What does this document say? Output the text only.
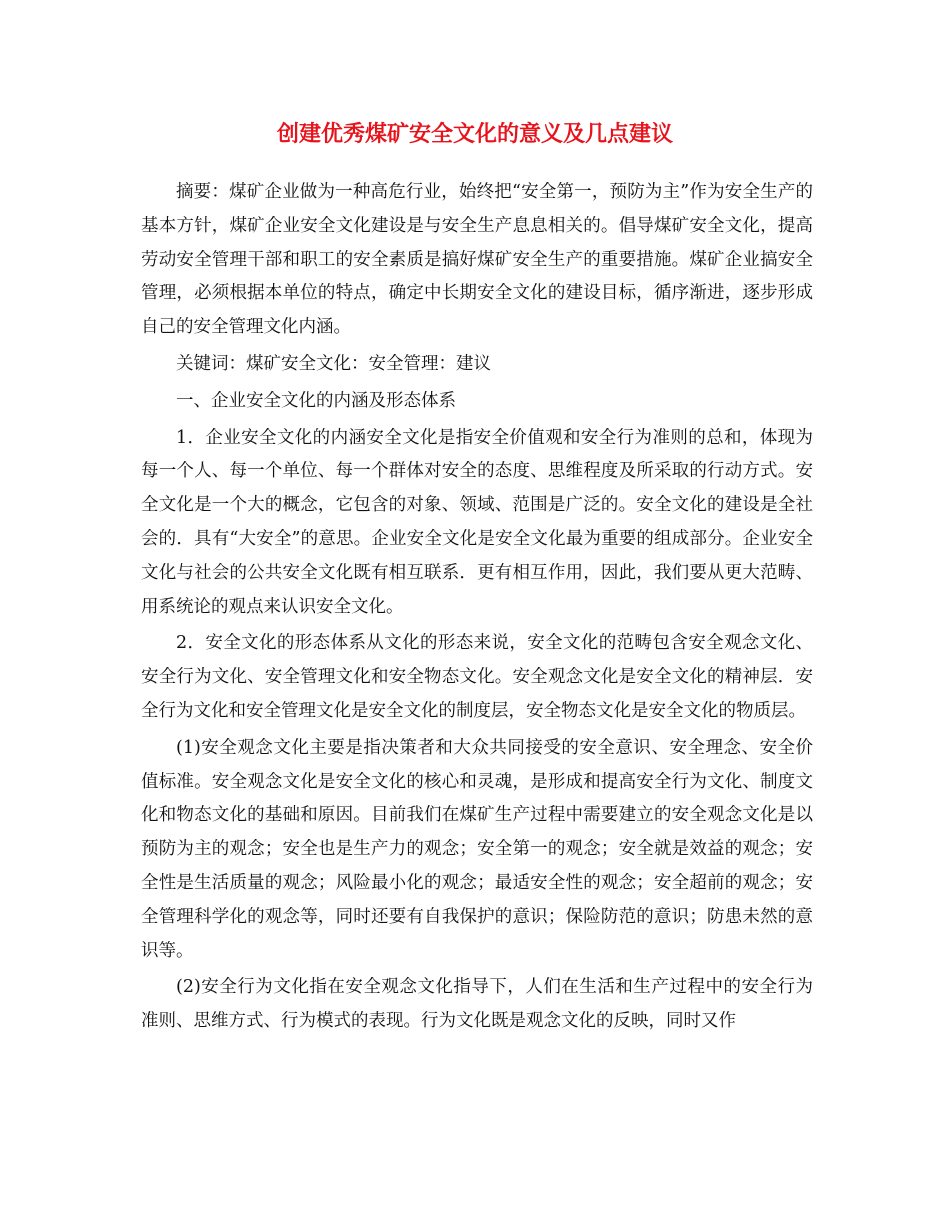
创建优秀煤矿安全文化的意义及几点建议

摘要：煤矿企业做为一种高危行业，始终把“安全第一，预防为主”作为安全生产的基本方针，煤矿企业安全文化建设是与安全生产息息相关的。倡导煤矿安全文化，提高劳动安全管理干部和职工的安全素质是搞好煤矿安全生产的重要措施。煤矿企业搞安全管理，必须根据本单位的特点，确定中长期安全文化的建设目标，循序渐进，逐步形成自己的安全管理文化内涵。

关键词：煤矿安全文化：安全管理：建议

一、企业安全文化的内涵及形态体系

1．企业安全文化的内涵安全文化是指安全价值观和安全行为准则的总和，体现为每一个人、每一个单位、每一个群体对安全的态度、思维程度及所采取的行动方式。安全文化是一个大的概念，它包含的对象、领域、范围是广泛的。安全文化的建设是全社会的．具有“大安全”的意思。企业安全文化是安全文化最为重要的组成部分。企业安全文化与社会的公共安全文化既有相互联系．更有相互作用，因此，我们要从更大范畴、用系统论的观点来认识安全文化。

2．安全文化的形态体系从文化的形态来说，安全文化的范畴包含安全观念文化、安全行为文化、安全管理文化和安全物态文化。安全观念文化是安全文化的精神层．安全行为文化和安全管理文化是安全文化的制度层，安全物态文化是安全文化的物质层。

(1)安全观念文化主要是指决策者和大众共同接受的安全意识、安全理念、安全价值标准。安全观念文化是安全文化的核心和灵魂，是形成和提高安全行为文化、制度文化和物态文化的基础和原因。目前我们在煤矿生产过程中需要建立的安全观念文化是以预防为主的观念；安全也是生产力的观念；安全第一的观念；安全就是效益的观念；安全性是生活质量的观念；风险最小化的观念；最适安全性的观念；安全超前的观念；安全管理科学化的观念等，同时还要有自我保护的意识；保险防范的意识；防患未然的意识等。

(2)安全行为文化指在安全观念文化指导下，人们在生活和生产过程中的安全行为准则、思维方式、行为模式的表现。行为文化既是观念文化的反映，同时又作
